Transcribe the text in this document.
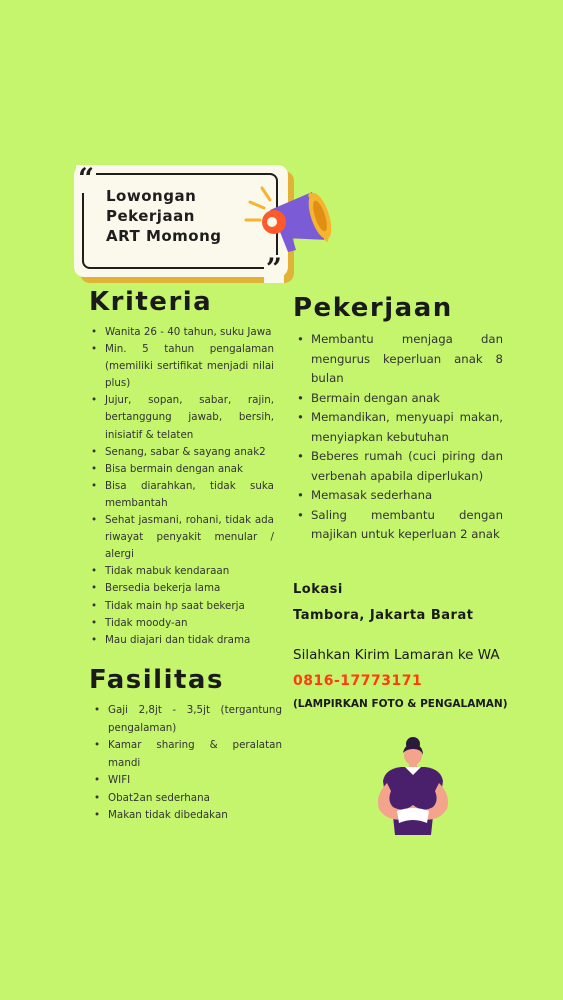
“
”
Lowongan
Pekerjaan
ART Momong
Kriteria
• Wanita 26 - 40 tahun, suku Jawa
• Min. 5 tahun pengalaman (memiliki sertifikat menjadi nilai plus)
• Jujur, sopan, sabar, rajin, bertanggung jawab, bersih, inisiatif & telaten
• Senang, sabar & sayang anak2
• Bisa bermain dengan anak
• Bisa diarahkan, tidak suka membantah
• Sehat jasmani, rohani, tidak ada riwayat penyakit menular / alergi
• Tidak mabuk kendaraan
• Bersedia bekerja lama
• Tidak main hp saat bekerja
• Tidak moody-an
• Mau diajari dan tidak drama
Fasilitas
• Gaji 2,8jt - 3,5jt (tergantung pengalaman)
• Kamar sharing & peralatan mandi
• WIFI
• Obat2an sederhana
• Makan tidak dibedakan
Pekerjaan
• Membantu menjaga dan mengurus keperluan anak 8 bulan
• Bermain dengan anak
• Memandikan, menyuapi makan, menyiapkan kebutuhan
• Beberes rumah (cuci piring dan verbenah apabila diperlukan)
• Memasak sederhana
• Saling membantu dengan majikan untuk keperluan 2 anak
Lokasi
Tambora, Jakarta Barat
Silahkan Kirim Lamaran ke WA
0816-17773171
(LAMPIRKAN FOTO & PENGALAMAN)
